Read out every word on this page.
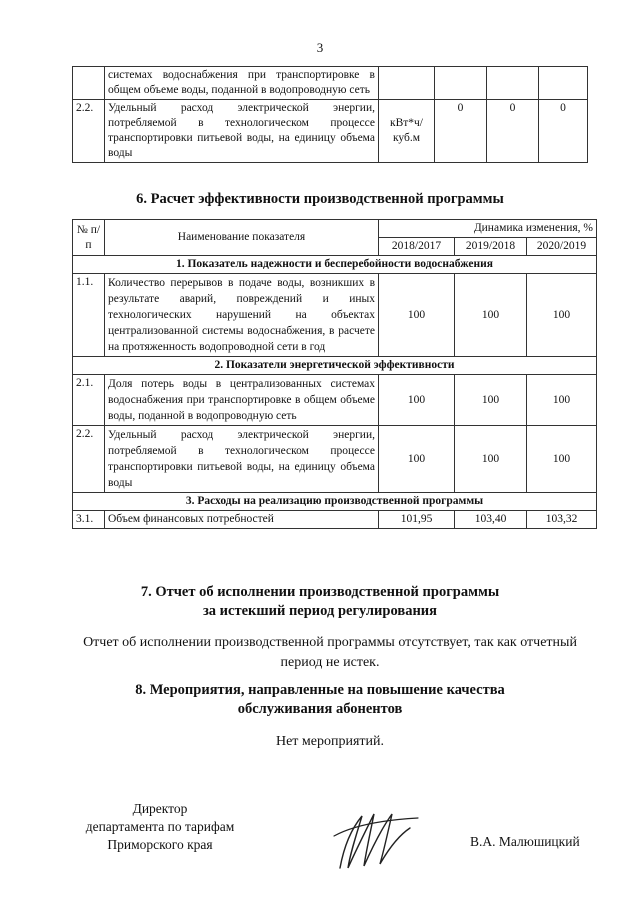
3
	системах водоснабжения при транспортировке в общем объеме воды, поданной в водопроводную сеть				
2.2.	Удельный расход электрической энергии, потребляемой в технологическом процессе транспортировки питьевой воды, на единицу объема воды	кВт*ч/ куб.м	0	0	0
6. Расчет эффективности производственной программы
№ п/п	Наименование показателя	Динамика изменения, %		
		2018/2017	2019/2018	2020/2019
1. Показатель надежности и бесперебойности водоснабжения				
1.1.	Количество перерывов в подаче воды, возникших в результате аварий, повреждений и иных технологических нарушений на объектах централизованной системы водоснабжения, в расчете на протяженность водопроводной сети в год	100	100	100
2. Показатели энергетической эффективности				
2.1.	Доля потерь воды в централизованных системах водоснабжения при транспортировке в общем объеме воды, поданной в водопроводную сеть	100	100	100
2.2.	Удельный расход электрической энергии, потребляемой в технологическом процессе транспортировки питьевой воды, на единицу объема воды	100	100	100
3. Расходы на реализацию производственной программы				
3.1.	Объем финансовых потребностей	101,95	103,40	103,32
7. Отчет об исполнении производственной программы
за истекший период регулирования
Отчет об исполнении производственной программы отсутствует, так как отчетный период не истек.
8. Мероприятия, направленные на повышение качества
обслуживания абонентов
Нет мероприятий.
Директор
департамента по тарифам
Приморского края	В.А. Малюшицкий
